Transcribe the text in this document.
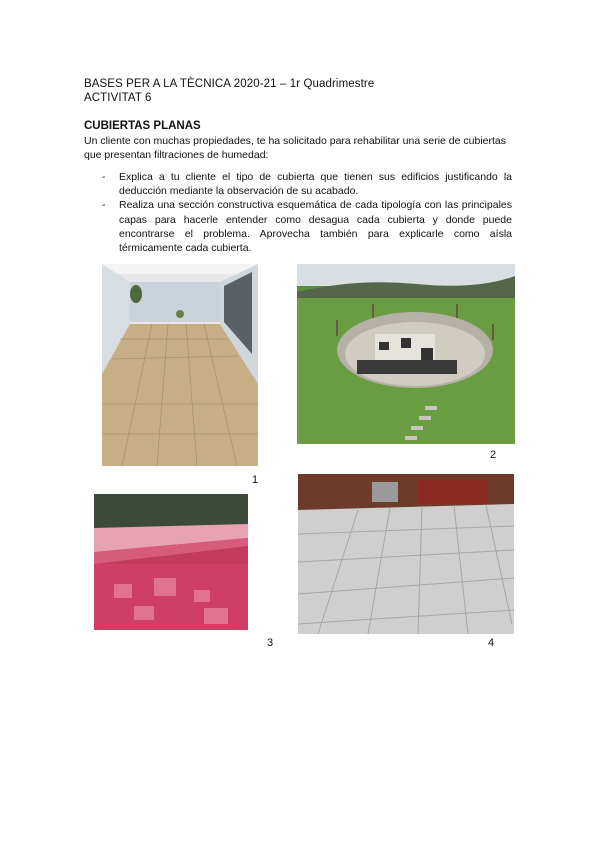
BASES PER A LA TÈCNICA 2020-21 – 1r Quadrimestre
ACTIVITAT 6
CUBIERTAS PLANAS
Un cliente con muchas propiedades, te ha solicitado para rehabilitar una serie de cubiertas que presentan filtraciones de humedad:
- Explica a tu cliente el tipo de cubierta que tienen sus edificios justificando la deducción mediante la observación de su acabado.
- Realiza una sección constructiva esquemática de cada tipología con las principales capas para hacerle entender como desagua cada cubierta y donde puede encontrarse el problema. Aprovecha también para explicarle como aísla térmicamente cada cubierta.
1
2
3	4
